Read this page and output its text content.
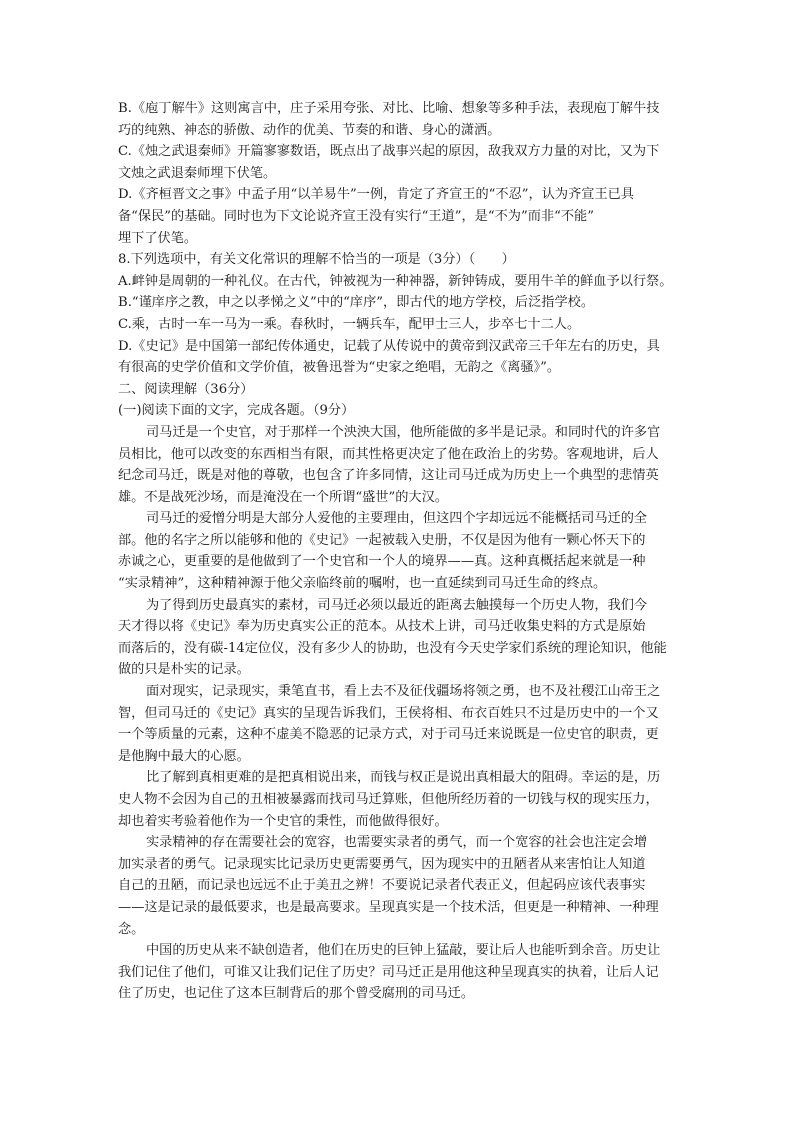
B.《庖丁解牛》这则寓言中，庄子采用夸张、对比、比喻、想象等多种手法，表现庖丁解牛技

巧的纯熟、神态的骄傲、动作的优美、节奏的和谐、身心的潇洒。

C.《烛之武退秦师》开篇寥寥数语，既点出了战事兴起的原因，敌我双方力量的对比，又为下

文烛之武退秦师埋下伏笔。

D.《齐桓晋文之事》中孟子用“以羊易牛”一例，肯定了齐宣王的“不忍”，认为齐宣王已具

备“保民”的基础。同时也为下文论说齐宣王没有实行“王道”，是“不为”而非“不能”

埋下了伏笔。

8.下列选项中，有关文化常识的理解不恰当的一项是（3分）（　　）

A.衅钟是周朝的一种礼仪。在古代，钟被视为一种神器，新钟铸成，要用牛羊的鲜血予以行祭。

B.“谨庠序之教，申之以孝悌之义”中的“庠序”，即古代的地方学校，后泛指学校。

C.乘，古时一车一马为一乘。春秋时，一辆兵车，配甲士三人，步卒七十二人。

D.《史记》是中国第一部纪传体通史，记载了从传说中的黄帝到汉武帝三千年左右的历史，具

有很高的史学价值和文学价值，被鲁迅誉为“史家之绝唱，无韵之《离骚》”。

二、阅读理解（36分）

(一)阅读下面的文字，完成各题。（9分）

司马迁是一个史官，对于那样一个泱泱大国，他所能做的多半是记录。和同时代的许多官

员相比，他可以改变的东西相当有限，而其性格更决定了他在政治上的劣势。客观地讲，后人

纪念司马迁，既是对他的尊敬，也包含了许多同情，这让司马迁成为历史上一个典型的悲情英

雄。不是战死沙场，而是淹没在一个所谓“盛世”的大汉。

司马迁的爱憎分明是大部分人爱他的主要理由，但这四个字却远远不能概括司马迁的全

部。他的名字之所以能够和他的《史记》一起被载入史册，不仅是因为他有一颗心怀天下的

赤诚之心，更重要的是他做到了一个史官和一个人的境界——真。这种真概括起来就是一种

“实录精神”，这种精神源于他父亲临终前的嘱咐，也一直延续到司马迁生命的终点。

为了得到历史最真实的素材，司马迁必须以最近的距离去触摸每一个历史人物，我们今

天才得以将《史记》奉为历史真实公正的范本。从技术上讲，司马迁收集史料的方式是原始

而落后的，没有碳-14定位仪，没有多少人的协助，也没有今天史学家们系统的理论知识，他能

做的只是朴实的记录。

面对现实，记录现实，秉笔直书，看上去不及征伐疆场将领之勇，也不及社稷江山帝王之

智，但司马迁的《史记》真实的呈现告诉我们，王侯将相、布衣百姓只不过是历史中的一个又

一个等质量的元素，这种不虚美不隐恶的记录方式，对于司马迁来说既是一位史官的职责，更

是他胸中最大的心愿。

比了解到真相更难的是把真相说出来，而钱与权正是说出真相最大的阻碍。幸运的是，历

史人物不会因为自己的丑相被暴露而找司马迁算账，但他所经历着的一切钱与权的现实压力，

却也着实考验着他作为一个史官的秉性，而他做得很好。

实录精神的存在需要社会的宽容，也需要实录者的勇气，而一个宽容的社会也注定会增

加实录者的勇气。记录现实比记录历史更需要勇气，因为现实中的丑陋者从来害怕让人知道

自己的丑陋，而记录也远远不止于美丑之辨！不要说记录者代表正义，但起码应该代表事实

——这是记录的最低要求，也是最高要求。呈现真实是一个技术活，但更是一种精神、一种理

念。

中国的历史从来不缺创造者，他们在历史的巨钟上猛敲，要让后人也能听到余音。历史让

我们记住了他们，可谁又让我们记住了历史？司马迁正是用他这种呈现真实的执着，让后人记

住了历史，也记住了这本巨制背后的那个曾受腐刑的司马迁。
